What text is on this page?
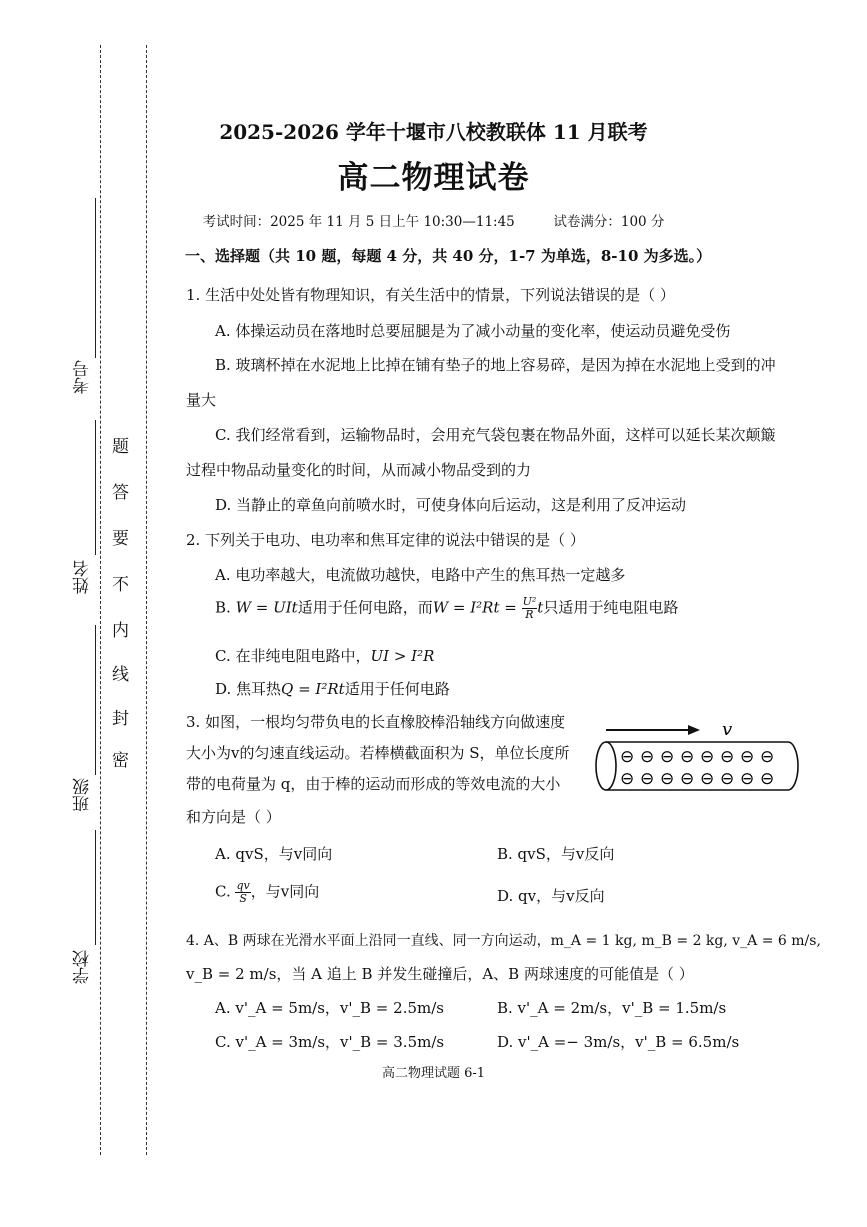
考号
姓名
班级
学校
题
答
要
不
内
线
封
密
2025-2026 学年十堰市八校教联体 11 月联考
高二物理试卷
考试时间：2025 年 11 月 5 日上午 10:30—11:45	试卷满分：100 分
一、选择题（共 10 题，每题 4 分，共 40 分，1-7 为单选，8-10 为多选。）
1. 生活中处处皆有物理知识，有关生活中的情景，下列说法错误的是（ ）
A. 体操运动员在落地时总要屈腿是为了减小动量的变化率，使运动员避免受伤
B. 玻璃杯掉在水泥地上比掉在铺有垫子的地上容易碎，是因为掉在水泥地上受到的冲
量大
C. 我们经常看到，运输物品时，会用充气袋包裹在物品外面，这样可以延长某次颠簸
过程中物品动量变化的时间，从而减小物品受到的力
D. 当静止的章鱼向前喷水时，可使身体向后运动，这是利用了反冲运动
2. 下列关于电功、电功率和焦耳定律的说法中错误的是（ ）
A. 电功率越大，电流做功越快，电路中产生的焦耳热一定越多
B. W = UIt适用于任何电路，而$W = I^2Rt = \frac{\text{U²}}{R}$ t只适用于纯电阻电路
C. 在非纯电阻电路中，UI > I²R
D. 焦耳热Q = I²Rt适用于任何电路
3. 如图，一根均匀带负电的长直橡胶棒沿轴线方向做速度
大小为v的匀速直线运动。若棒横截面积为 S，单位长度所
带的电荷量为 q，由于棒的运动而形成的等效电流的大小
和方向是（ ）
v
⊖ ⊖ ⊖ ⊖ ⊖ ⊖ ⊖ ⊖
⊖ ⊖ ⊖ ⊖ ⊖ ⊖ ⊖ ⊖
A. qvS，与v同向	B. qvS，与v反向
C. $\frac{qv}{S}$ ，与v同向	D. qv，与v反向
4. A、B 两球在光滑水平面上沿同一直线、同一方向运动，m_A = 1 kg, m_B = 2 kg, v_A = 6 m/s,
v_B = 2 m/s，当 A 追上 B 并发生碰撞后，A、B 两球速度的可能值是（ ）
A. v'_A = 5m/s，v'_B = 2.5m/s	B. v'_A = 2m/s，v'_B = 1.5m/s
C. v'_A = 3m/s，v'_B = 3.5m/s	D. v'_A =− 3m/s，v'_B = 6.5m/s
高二物理试题 6-1
